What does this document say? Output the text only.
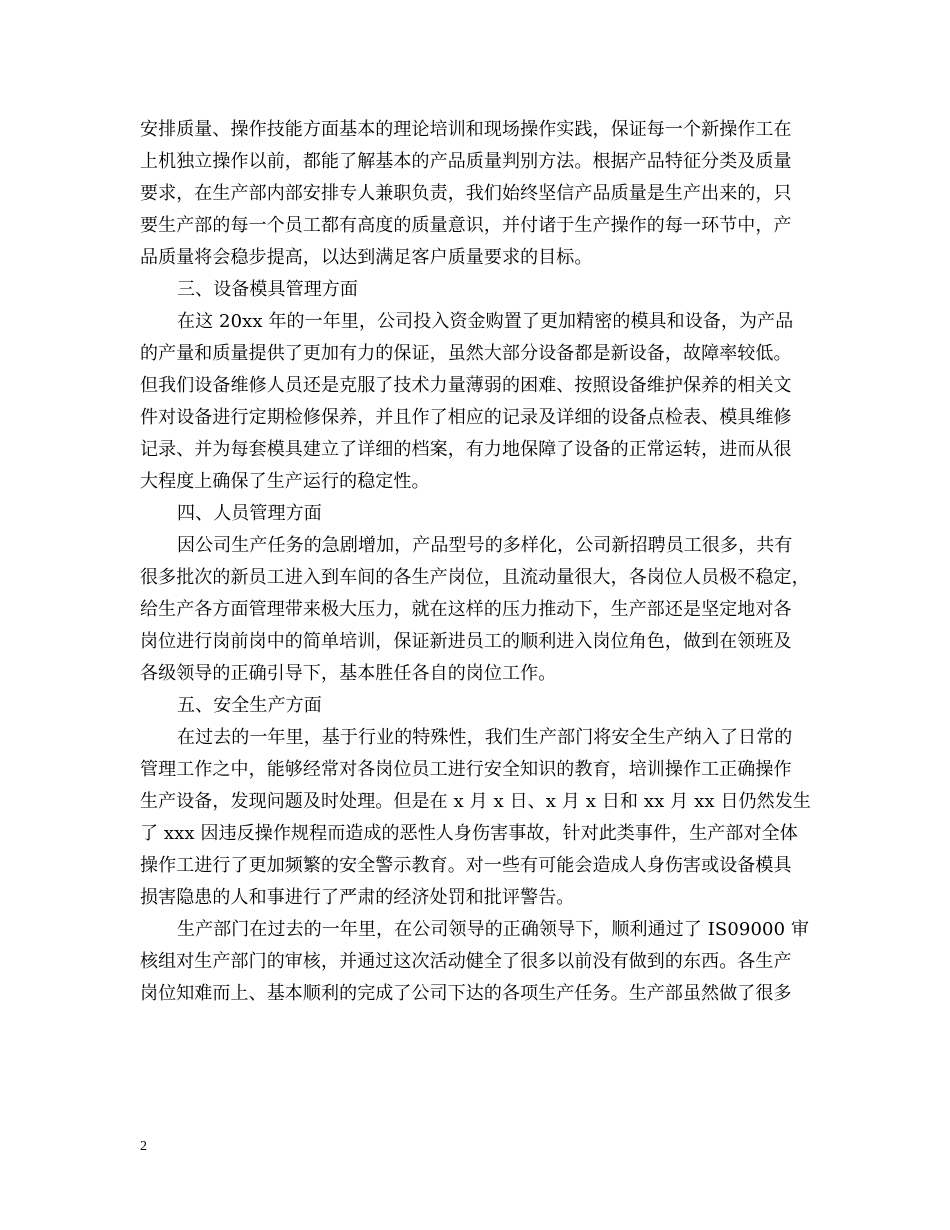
安排质量、操作技能方面基本的理论培训和现场操作实践，保证每一个新操作工在
上机独立操作以前，都能了解基本的产品质量判别方法。根据产品特征分类及质量
要求，在生产部内部安排专人兼职负责，我们始终坚信产品质量是生产出来的，只
要生产部的每一个员工都有高度的质量意识，并付诸于生产操作的每一环节中，产
品质量将会稳步提高，以达到满足客户质量要求的目标。
三、设备模具管理方面
在这 20xx 年的一年里，公司投入资金购置了更加精密的模具和设备，为产品
的产量和质量提供了更加有力的保证，虽然大部分设备都是新设备，故障率较低。
但我们设备维修人员还是克服了技术力量薄弱的困难、按照设备维护保养的相关文
件对设备进行定期检修保养，并且作了相应的记录及详细的设备点检表、模具维修
记录、并为每套模具建立了详细的档案，有力地保障了设备的正常运转，进而从很
大程度上确保了生产运行的稳定性。
四、人员管理方面
因公司生产任务的急剧增加，产品型号的多样化，公司新招聘员工很多，共有
很多批次的新员工进入到车间的各生产岗位，且流动量很大，各岗位人员极不稳定，
给生产各方面管理带来极大压力，就在这样的压力推动下，生产部还是坚定地对各
岗位进行岗前岗中的简单培训，保证新进员工的顺利进入岗位角色，做到在领班及
各级领导的正确引导下，基本胜任各自的岗位工作。
五、安全生产方面
在过去的一年里，基于行业的特殊性，我们生产部门将安全生产纳入了日常的
管理工作之中，能够经常对各岗位员工进行安全知识的教育，培训操作工正确操作
生产设备，发现问题及时处理。但是在 x 月 x 日、x 月 x 日和 xx 月 xx 日仍然发生
了 xxx 因违反操作规程而造成的恶性人身伤害事故，针对此类事件，生产部对全体
操作工进行了更加频繁的安全警示教育。对一些有可能会造成人身伤害或设备模具
损害隐患的人和事进行了严肃的经济处罚和批评警告。
生产部门在过去的一年里，在公司领导的正确领导下，顺利通过了 IS09000 审
核组对生产部门的审核，并通过这次活动健全了很多以前没有做到的东西。各生产
岗位知难而上、基本顺利的完成了公司下达的各项生产任务。生产部虽然做了很多
2
